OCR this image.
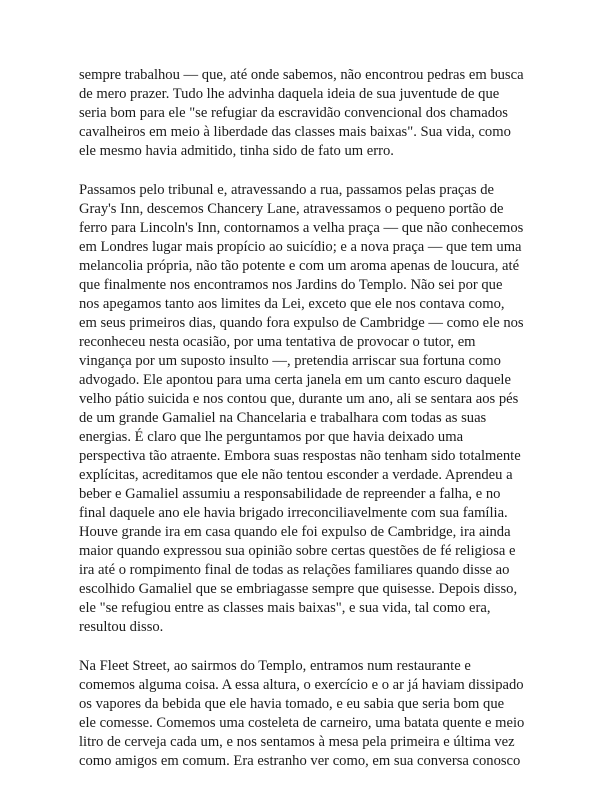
sempre trabalhou — que, até onde sabemos, não encontrou pedras em busca
de mero prazer. Tudo lhe advinha daquela ideia de sua juventude de que
seria bom para ele "se refugiar da escravidão convencional dos chamados
cavalheiros em meio à liberdade das classes mais baixas". Sua vida, como
ele mesmo havia admitido, tinha sido de fato um erro.
Passamos pelo tribunal e, atravessando a rua, passamos pelas praças de
Gray's Inn, descemos Chancery Lane, atravessamos o pequeno portão de
ferro para Lincoln's Inn, contornamos a velha praça — que não conhecemos
em Londres lugar mais propício ao suicídio; e a nova praça — que tem uma
melancolia própria, não tão potente e com um aroma apenas de loucura, até
que finalmente nos encontramos nos Jardins do Templo. Não sei por que
nos apegamos tanto aos limites da Lei, exceto que ele nos contava como,
em seus primeiros dias, quando fora expulso de Cambridge — como ele nos
reconheceu nesta ocasião, por uma tentativa de provocar o tutor, em
vingança por um suposto insulto —, pretendia arriscar sua fortuna como
advogado. Ele apontou para uma certa janela em um canto escuro daquele
velho pátio suicida e nos contou que, durante um ano, ali se sentara aos pés
de um grande Gamaliel na Chancelaria e trabalhara com todas as suas
energias. É claro que lhe perguntamos por que havia deixado uma
perspectiva tão atraente. Embora suas respostas não tenham sido totalmente
explícitas, acreditamos que ele não tentou esconder a verdade. Aprendeu a
beber e Gamaliel assumiu a responsabilidade de repreender a falha, e no
final daquele ano ele havia brigado irreconciliavelmente com sua família.
Houve grande ira em casa quando ele foi expulso de Cambridge, ira ainda
maior quando expressou sua opinião sobre certas questões de fé religiosa e
ira até o rompimento final de todas as relações familiares quando disse ao
escolhido Gamaliel que se embriagasse sempre que quisesse. Depois disso,
ele "se refugiou entre as classes mais baixas", e sua vida, tal como era,
resultou disso.
Na Fleet Street, ao sairmos do Templo, entramos num restaurante e
comemos alguma coisa. A essa altura, o exercício e o ar já haviam dissipado
os vapores da bebida que ele havia tomado, e eu sabia que seria bom que
ele comesse. Comemos uma costeleta de carneiro, uma batata quente e meio
litro de cerveja cada um, e nos sentamos à mesa pela primeira e última vez
como amigos em comum. Era estranho ver como, em sua conversa conosco
